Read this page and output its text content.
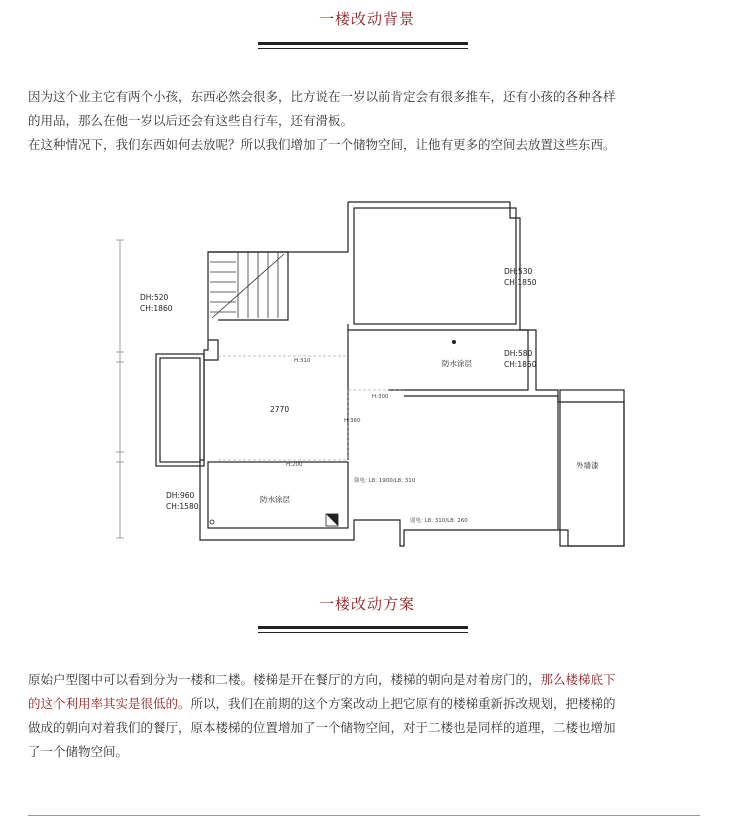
一楼改动背景

因为这个业主它有两个小孩，东西必然会很多，比方说在一岁以前肯定会有很多推车，还有小孩的各种各样

的用品，那么在他一岁以后还会有这些自行车，还有滑板。

在这种情况下，我们东西如何去放呢？所以我们增加了一个储物空间，让他有更多的空间去放置这些东西。

DH:520
CH:1860
DH:530
CH:1850
DH:580
CH:1850
DH:960
CH:1580
防水涂层
防水涂层
外墙漆
2770
H:310
H:300
H:360
H:200
强电: L8: 1900/L8: 310
弱电: L8: 310/L8: 260
一楼改动方案

原始户型图中可以看到分为一楼和二楼。楼梯是开在餐厅的方向，楼梯的朝向是对着房门的，那么楼梯底下

的这个利用率其实是很低的。所以，我们在前期的这个方案改动上把它原有的楼梯重新拆改规划，把楼梯的

做成的朝向对着我们的餐厅，原本楼梯的位置增加了一个储物空间，对于二楼也是同样的道理，二楼也增加

了一个储物空间。
